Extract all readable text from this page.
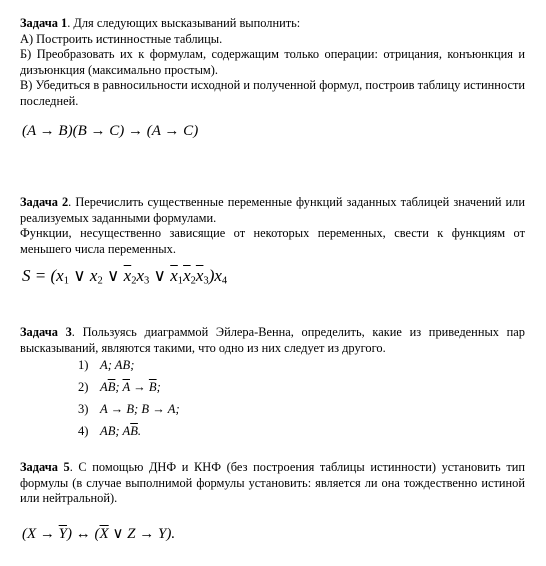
Задача 1. Для следующих высказываний выполнить:
А) Построить истинностные таблицы.
Б) Преобразовать их к формулам, содержащим только операции: отрицания, конъюнкция и дизъюнкция (максимально простым).
В) Убедиться в равносильности исходной и полученной формул, построив таблицу истинности последней.
(A → B)(B → C) → (A → C)
Задача 2. Перечислить существенные переменные функций заданных таблицей значений или реализуемых заданными формулами.
Функции, несущественно зависящие от некоторых переменных, свести к функциям от меньшего числа переменных.
$S = (x_1$ ∨ $x_2$ ∨ $\overline{x}_2x_3$ ∨ $\overline{x}_1\overline{x}_2\overline{x}_3)x_4$
Задача 3. Пользуясь диаграммой Эйлера-Венна, определить, какие из приведенных пар высказываний, являются такими, что одно из них следует из другого.
1) A; AB;
2) $A\overline{B}$; $\overline{A} \to \overline{B}$;
3) A → B; B → A;
4) AB; $A\overline{B}$.
Задача 5. С помощью ДНФ и КНФ (без построения таблицы истинности) установить тип формулы (в случае выполнимой формулы установить: является ли она тождественно истиной или нейтральной).
$(X \to \overline{Y})$ ↔ ($\overline{X}$ ∨ Z → Y).
